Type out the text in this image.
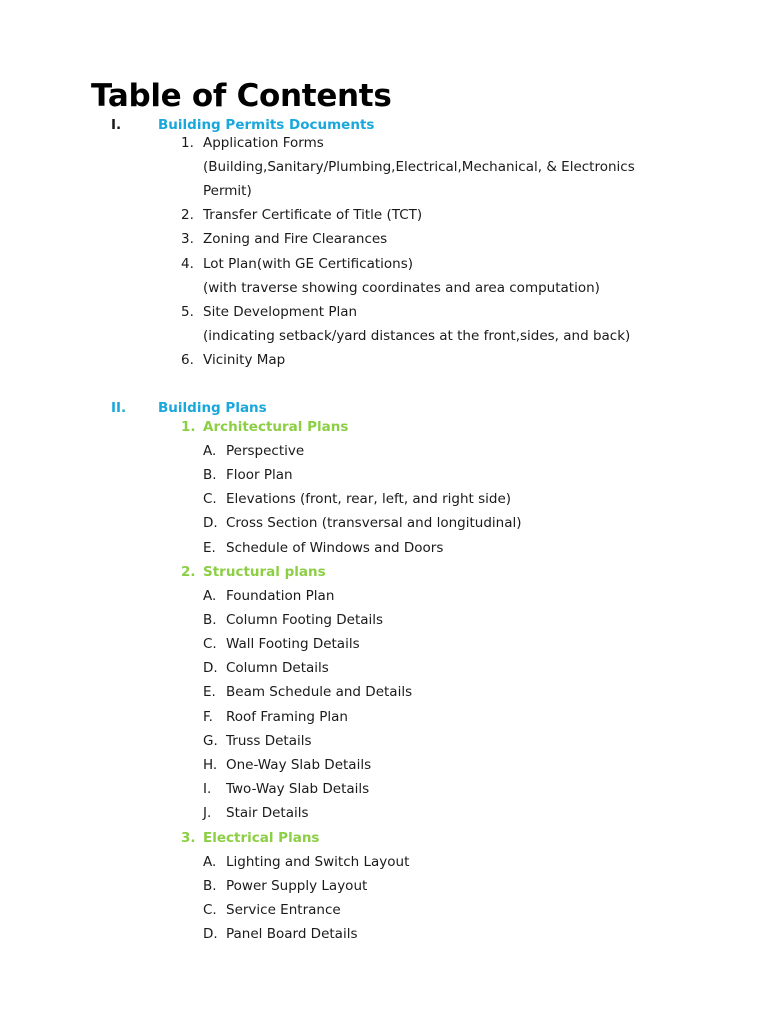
Table of Contents
I.	Building Permits Documents
1. Application Forms
(Building,Sanitary/Plumbing,Electrical,Mechanical, & Electronics
Permit)
2. Transfer Certificate of Title (TCT)
3. Zoning and Fire Clearances
4. Lot Plan(with GE Certifications)
(with traverse showing coordinates and area computation)
5. Site Development Plan
(indicating setback/yard distances at the front,sides, and back)
6. Vicinity Map
II. Building Plans
1. Architectural Plans
A. Perspective
B. Floor Plan
C. Elevations (front, rear, left, and right side)
D. Cross Section (transversal and longitudinal)
E. Schedule of Windows and Doors
2. Structural plans
A. Foundation Plan
B. Column Footing Details
C. Wall Footing Details
D. Column Details
E. Beam Schedule and Details
F. Roof Framing Plan
G. Truss Details
H. One-Way Slab Details
I. Two-Way Slab Details
J. Stair Details
3. Electrical Plans
A. Lighting and Switch Layout
B. Power Supply Layout
C. Service Entrance
D. Panel Board Details
